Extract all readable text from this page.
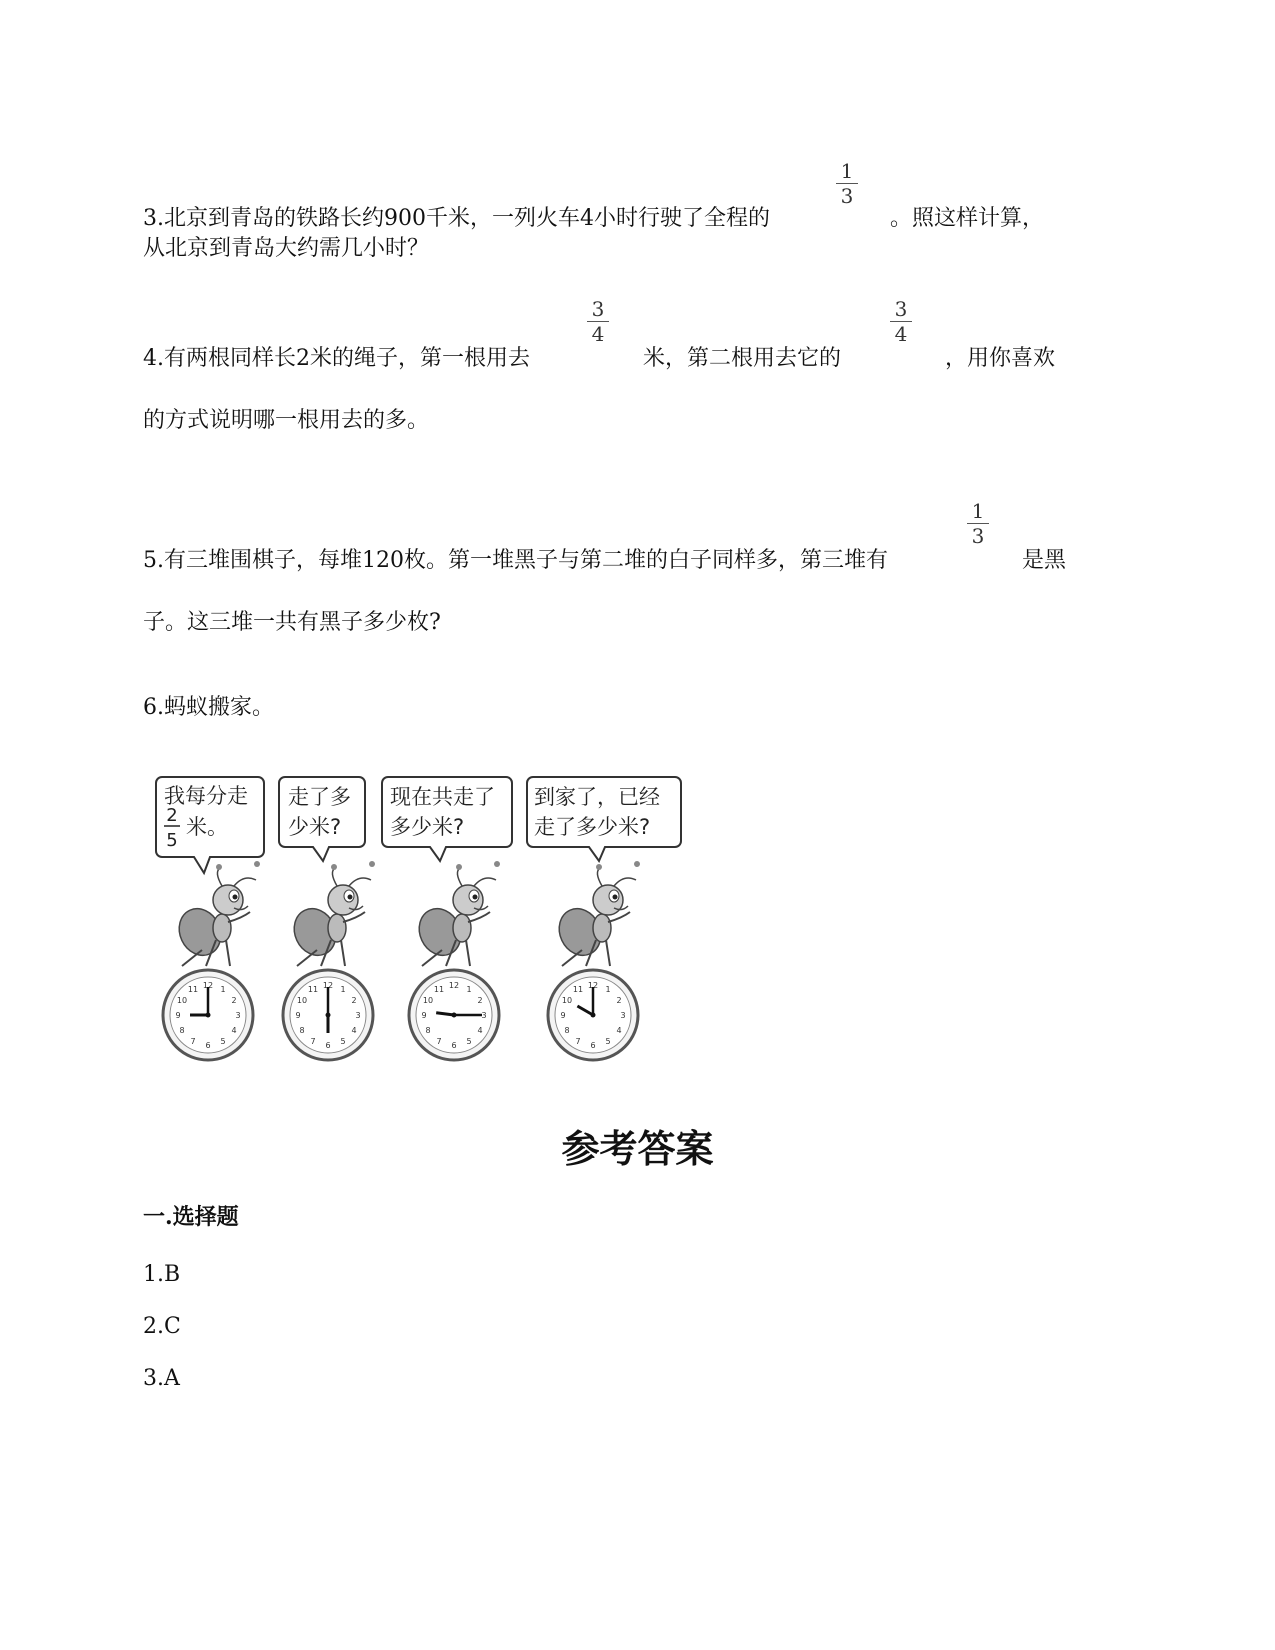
1
3
3.北京到青岛的铁路长约900千米，一列火车4小时行驶了全程的	。照这样计算，
从北京到青岛大约需几小时？
3
4
3
4
4.有两根同样长2米的绳子，第一根用去	米，第二根用去它的	，用你喜欢
的方式说明哪一根用去的多。
1
3
5.有三堆围棋子，每堆120枚。第一堆黑子与第二堆的白子同样多，第三堆有	是黑
子。这三堆一共有黑子多少枚?
6.蚂蚁搬家。
我每分走
2
5
米。
走了多
少米?
现在共走了
多少米?
到家了，已经
走了多少米?
1
2
3
4
5
6
7
8
9
10
11 12	1
2
3
4
5
6
7
8
9
10
11 12	1
2
3
4
5
6
7
8
9
10
11 12	1
2
3
4
5
6
7
8
9
10
11 12
参考答案
一.选择题
1.B
2.C
3.A
